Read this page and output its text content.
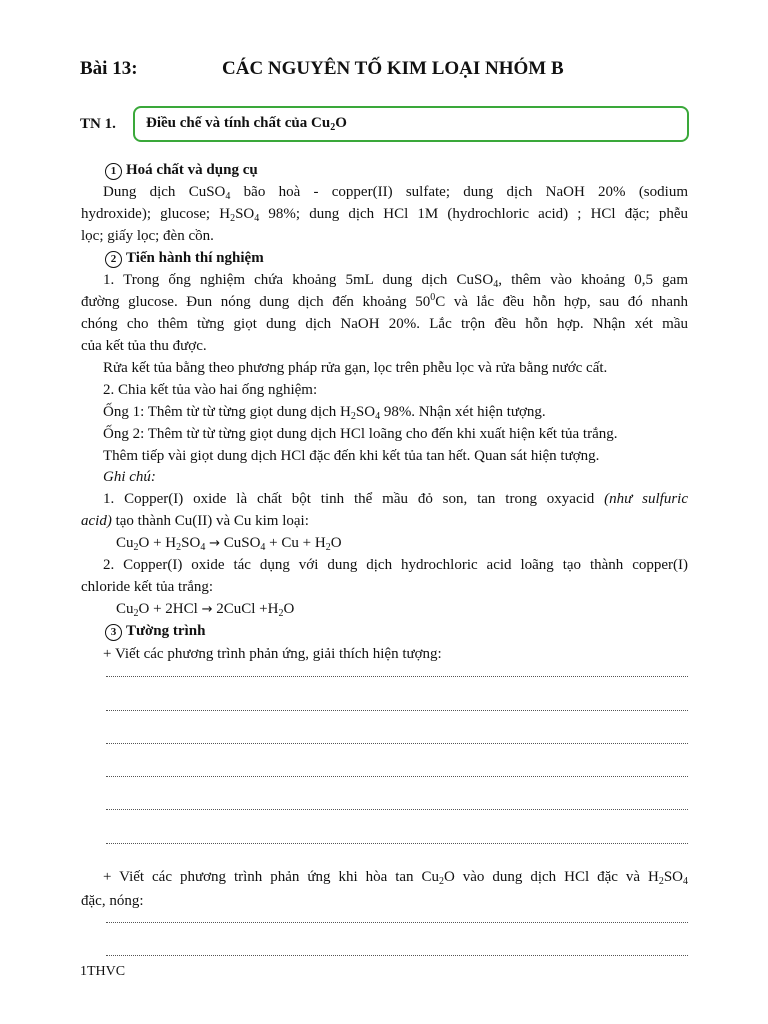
Bài 13:	CÁC NGUYÊN TỐ KIM LOẠI NHÓM B
TN 1. Điều chế và tính chất của $Cu_2O$
1 Hoá chất và dụng cụ
Dung dịch CuSO$_4$ bão hoà - copper(II) sulfate; dung dịch NaOH 20% (sodium
hydroxide); glucose; $H_2SO_4$ 98%; dung dịch HCl 1M (hydrochloric acid) ; HCl đặc; phễu
lọc; giấy lọc; đèn cồn.
2 Tiến hành thí nghiệm
1. Trong ống nghiệm chứa khoảng 5mL dung dịch CuSO$_4$, thêm vào khoảng 0,5 gam
đường glucose. Đun nóng dung dịch đến khoảng $50^0C$ và lắc đều hỗn hợp, sau đó nhanh
chóng cho thêm từng giọt dung dịch NaOH 20%. Lắc trộn đều hỗn hợp. Nhận xét mầu
của kết tủa thu được.
Rửa kết tủa bằng theo phương pháp rửa gạn, lọc trên phễu lọc và rửa bằng nước cất.
2. Chia kết tủa vào hai ống nghiệm:
Ống 1: Thêm từ từ từng giọt dung dịch $H_2SO_4$ 98%. Nhận xét hiện tượng.
Ống 2: Thêm từ từ từng giọt dung dịch HCl loãng cho đến khi xuất hiện kết tủa trắng.
Thêm tiếp vài giọt dung dịch HCl đặc đến khi kết tủa tan hết. Quan sát hiện tượng.
Ghi chú:
1. Copper(I) oxide là chất bột tinh thể mầu đỏ son, tan trong oxyacid (như sulfuric
acid) tạo thành Cu(II) và Cu kim loại:
$Cu_2O + H_2SO_4$ → CuSO$_4$ + $Cu + H_2O$
2. Copper(I) oxide tác dụng với dung dịch hydrochloric acid loãng tạo thành copper(I)
chloride kết tủa trắng:
$Cu_2O + 2HCl$ → 2CuCl $+H_2O$
3 Tường trình
+ Viết các phương trình phản ứng, giải thích hiện tượng:
+ Viết các phương trình phản ứng khi hòa $\tan Cu_2O$ vào dung dịch HCl đặc và $H_2SO_4$
đặc, nóng:
1THVC
